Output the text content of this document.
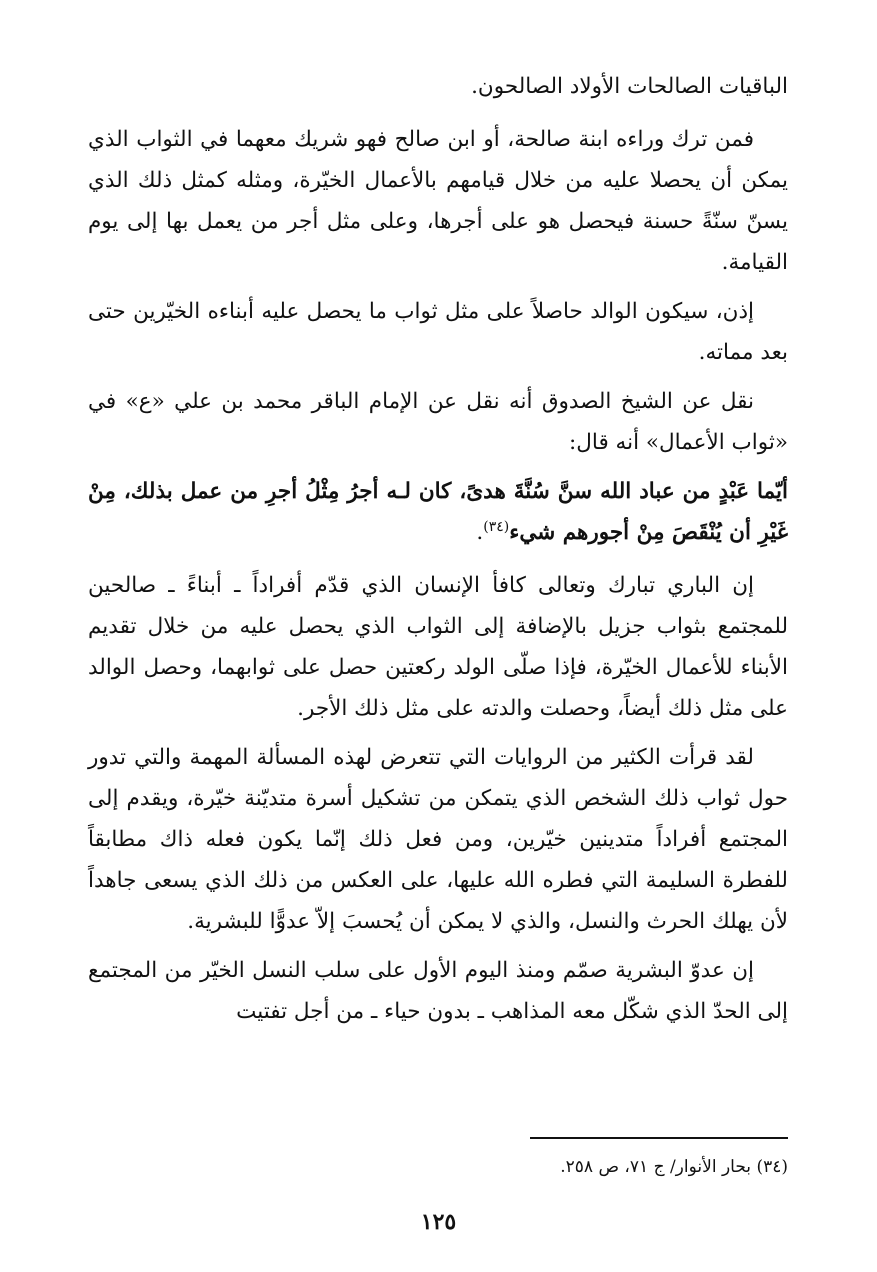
الباقيات الصالحات الأولاد الصالحون.

فمن ترك وراءه ابنة صالحة، أو ابن صالح فهو شريك معهما في الثواب الذي يمكن أن يحصلا عليه من خلال قيامهم بالأعمال الخيّرة، ومثله كمثل ذلك الذي يسنّ سنّةً حسنة فيحصل هو على أجرها، وعلى مثل أجر من يعمل بها إلى يوم القيامة.

إذن، سيكون الوالد حاصلاً على مثل ثواب ما يحصل عليه أبناءه الخيّرين حتى بعد مماته.

نقل عن الشيخ الصدوق أنه نقل عن الإمام الباقر محمد بن علي «ع» في «ثواب الأعمال» أنه قال:

أيّما عَبْدٍ من عباد الله سنَّ سُنَّةَ هدىً، كان لـه أجرُ مِثْلُ أجرِ من عمل بذلك، مِنْ غَيْرِ أن يُنْقَصَ مِنْ أجورهم شيء$^{(٣٤)}$.

إن الباري تبارك وتعالى كافأ الإنسان الذي قدّم أفراداً ـ أبناءً ـ صالحين للمجتمع بثواب جزيل بالإضافة إلى الثواب الذي يحصل عليه من خلال تقديم الأبناء للأعمال الخيّرة، فإذا صلّى الولد ركعتين حصل على ثوابهما، وحصل الوالد على مثل ذلك أيضاً، وحصلت والدته على مثل ذلك الأجر.

لقد قرأت الكثير من الروايات التي تتعرض لهذه المسألة المهمة والتي تدور حول ثواب ذلك الشخص الذي يتمكن من تشكيل أسرة متديّنة خيّرة، ويقدم إلى المجتمع أفراداً متدينين خيّرين، ومن فعل ذلك إنّما يكون فعله ذاك مطابقاً للفطرة السليمة التي فطره الله عليها، على العكس من ذلك الذي يسعى جاهداً لأن يهلك الحرث والنسل، والذي لا يمكن أن يُحسبَ إلاّ عدوًّا للبشرية.

إن عدوّ البشرية صمّم ومنذ اليوم الأول على سلب النسل الخيّر من المجتمع إلى الحدّ الذي شكّل معه المذاهب ـ بدون حياء ـ من أجل تفتيت

(٣٤) بحار الأنوار/ ج ٧١، ص ٢٥٨.
١٢٥
